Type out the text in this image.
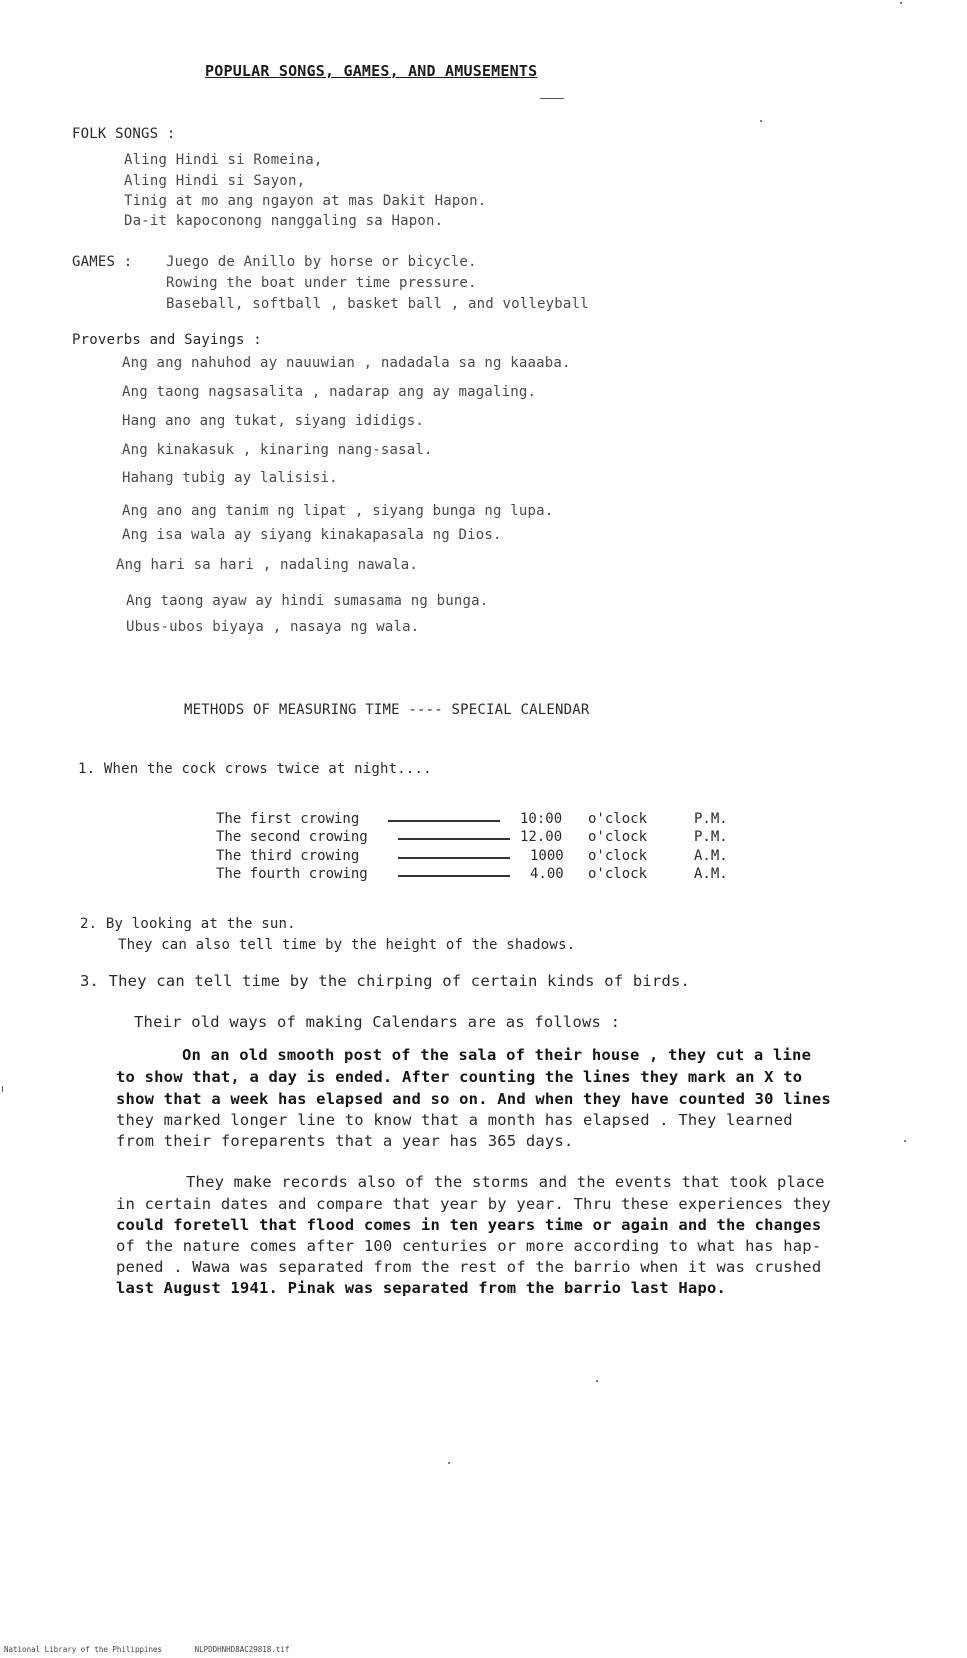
POPULAR SONGS, GAMES, AND AMUSEMENTS
FOLK SONGS :
Aling Hindi si Romeina,
Aling Hindi si Sayon,
Tinig at mo ang ngayon at mas Dakit Hapon.
Da-it kapoconong nanggaling sa Hapon.
GAMES : Juego de Anillo by horse or bicycle.
Rowing the boat under time pressure.
Baseball, softball , basket ball , and volleyball
Proverbs and Sayings :
Ang ang nahuhod ay nauuwian , nadadala sa ng kaaaba.
Ang taong nagsasalita , nadarap ang ay magaling.
Hang ano ang tukat, siyang ididigs.
Ang kinakasuk , kinaring nang-sasal.
Hahang tubig ay lalisisi.
Ang ano ang tanim ng lipat , siyang bunga ng lupa.
Ang isa wala ay siyang kinakapasala ng Dios.
Ang hari sa hari , nadaling nawala.
Ang taong ayaw ay hindi sumasama ng bunga.
Ubus-ubos biyaya , nasaya ng wala.
METHODS OF MEASURING TIME ---- SPECIAL CALENDAR
1. When the cock crows twice at night....
The first crowing	10:00 o'clock	P.M.
The second crowing	12.00 o'clock	P.M.
The third crowing	1000 o'clock	A.M.
The fourth crowing	4.00 o'clock	A.M.
2. By looking at the sun.
They can also tell time by the height of the shadows.
3. They can tell time by the chirping of certain kinds of birds.
Their old ways of making Calendars are as follows :
On an old smooth post of the sala of their house , they cut a line
to show that, a day is ended. After counting the lines they mark an X to
show that a week has elapsed and so on. And when they have counted 30 lines
they marked longer line to know that a month has elapsed . They learned
from their foreparents that a year has 365 days.
They make records also of the storms and the events that took place
in certain dates and compare that year by year. Thru these experiences they
could foretell that flood comes in ten years time or again and the changes
of the nature comes after 100 centuries or more according to what has hap-
pened . Wawa was separated from the rest of the barrio when it was crushed
last August 1941. Pinak was separated from the barrio last Hapo.
National Library of the Philippines	NLPDDHNHD8AC29818.tif
